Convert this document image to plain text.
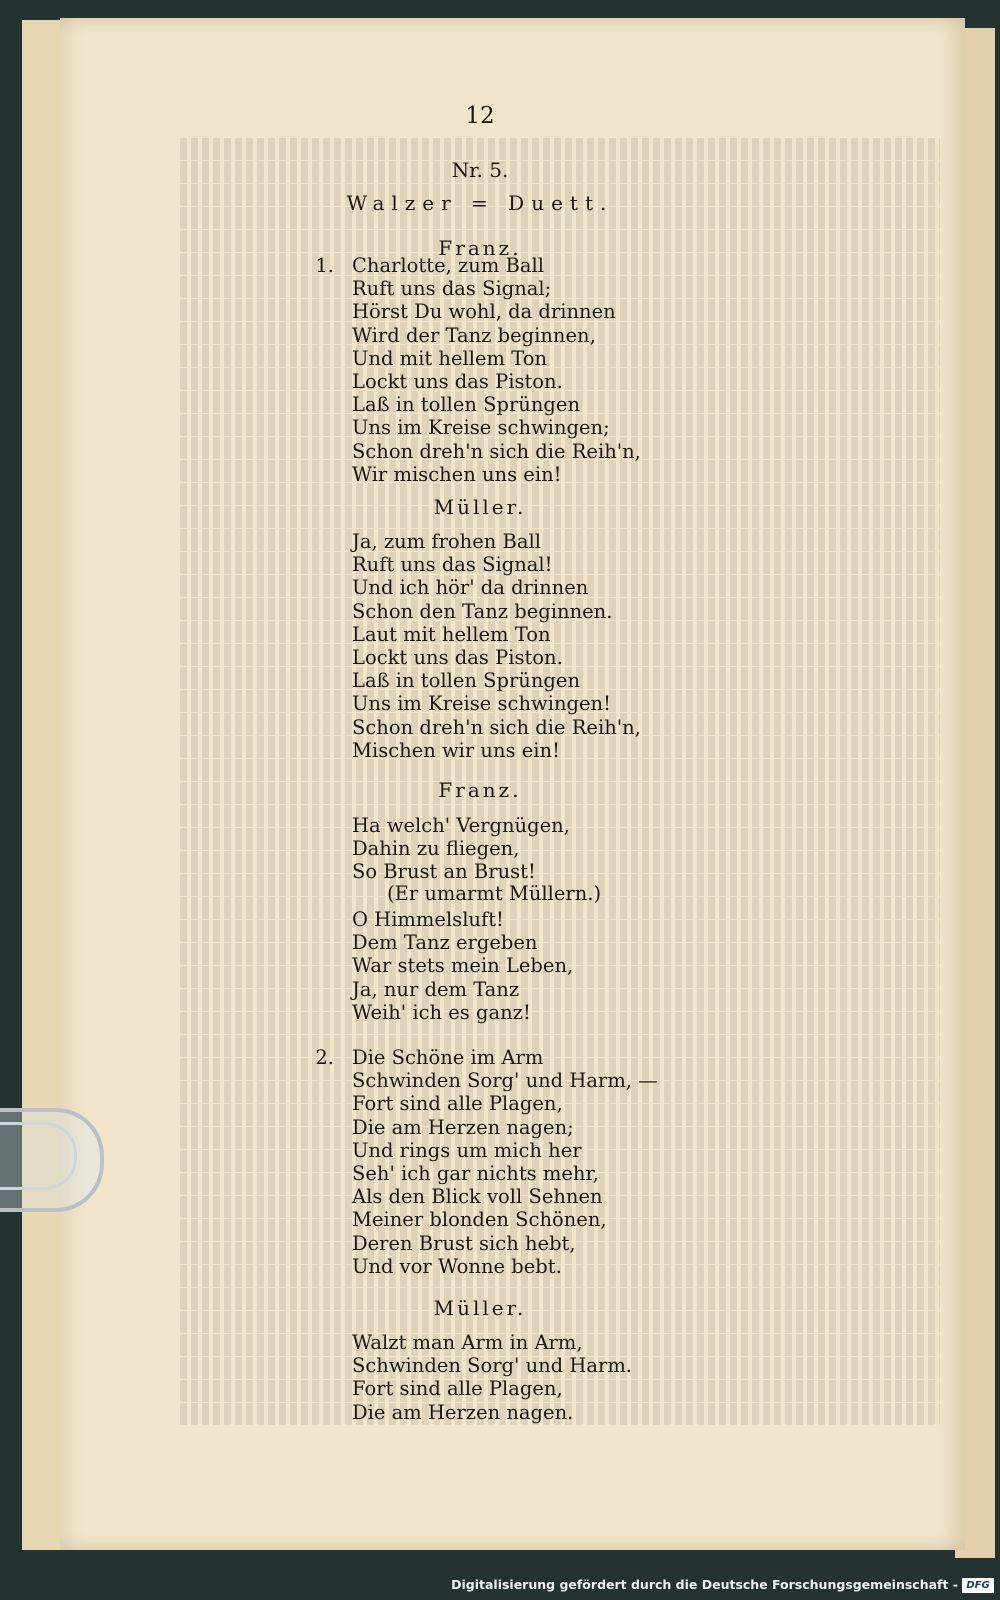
12
Nr. 5.
Walzer = Duett.
Franz.
1. Charlotte, zum Ball
Ruft uns das Signal;
Hörst Du wohl, da drinnen
Wird der Tanz beginnen,
Und mit hellem Ton
Lockt uns das Piston.
Laß in tollen Sprüngen
Uns im Kreise schwingen;
Schon dreh'n sich die Reih'n,
Wir mischen uns ein!
Müller.
Ja, zum frohen Ball
Ruft uns das Signal!
Und ich hör' da drinnen
Schon den Tanz beginnen.
Laut mit hellem Ton
Lockt uns das Piston.
Laß in tollen Sprüngen
Uns im Kreise schwingen!
Schon dreh'n sich die Reih'n,
Mischen wir uns ein!
Franz.
Ha welch' Vergnügen,
Dahin zu fliegen,
So Brust an Brust!
(Er umarmt Müllern.)
O Himmelsluft!
Dem Tanz ergeben
War stets mein Leben,
Ja, nur dem Tanz
Weih' ich es ganz!
2. Die Schöne im Arm
Schwinden Sorg' und Harm, —
Fort sind alle Plagen,
Die am Herzen nagen;
Und rings um mich her
Seh' ich gar nichts mehr,
Als den Blick voll Sehnen
Meiner blonden Schönen,
Deren Brust sich hebt,
Und vor Wonne bebt.
Müller.
Walzt man Arm in Arm,
Schwinden Sorg' und Harm.
Fort sind alle Plagen,
Die am Herzen nagen.
Digitalisierung gefördert durch die Deutsche Forschungsgemeinschaft - DFG
